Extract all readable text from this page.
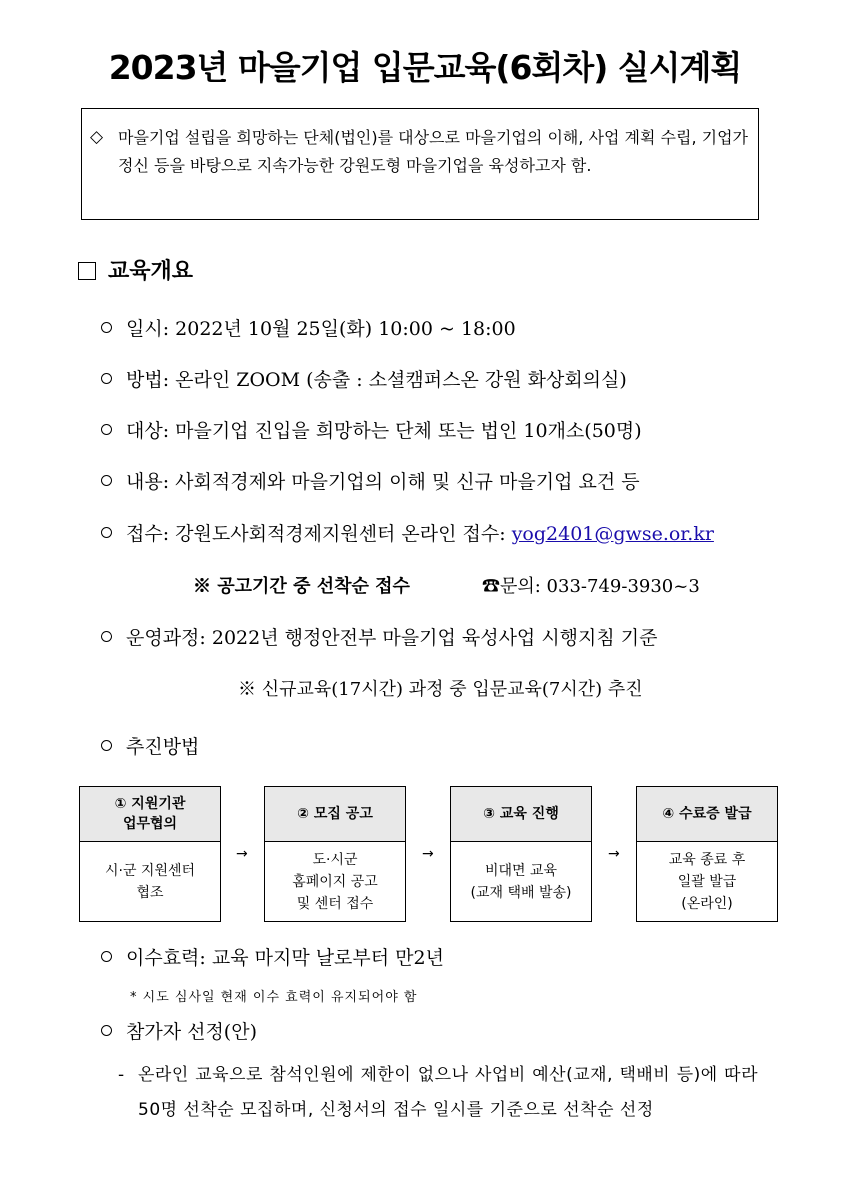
2023년 마을기업 입문교육(6회차) 실시계획
◇ 마을기업 설립을 희망하는 단체(법인)를 대상으로 마을기업의 이해, 사업 계획 수립, 기업가 정신 등을 바탕으로 지속가능한 강원도형 마을기업을 육성하고자 함.
교육개요
일시: 2022년 10월 25일(화) 10:00 ~ 18:00
방법: 온라인 ZOOM (송출 : 소셜캠퍼스온 강원 화상회의실)
대상: 마을기업 진입을 희망하는 단체 또는 법인 10개소(50명)
내용: 사회적경제와 마을기업의 이해 및 신규 마을기업 요건 등
접수: 강원도사회적경제지원센터 온라인 접수: yog2401@gwse.or.kr
※ 공고기간 중 선착순 접수	☎문의: 033-749-3930~3
운영과정: 2022년 행정안전부 마을기업 육성사업 시행지침 기준
※ 신규교육(17시간) 과정 중 입문교육(7시간) 추진
추진방법
① 지원기관
업무협의
시·군 지원센터
협조
→
② 모집 공고
도·시군
홈페이지 공고
및 센터 접수
→
③ 교육 진행
비대면 교육
(교재 택배 발송)
→
④ 수료증 발급
교육 종료 후
일괄 발급
(온라인)
이수효력: 교육 마지막 날로부터 만2년
* 시도 심사일 현재 이수 효력이 유지되어야 함
참가자 선정(안)
- 온라인 교육으로 참석인원에 제한이 없으나 사업비 예산(교재, 택배비 등)에 따라 50명 선착순 모집하며, 신청서의 접수 일시를 기준으로 선착순 선정
